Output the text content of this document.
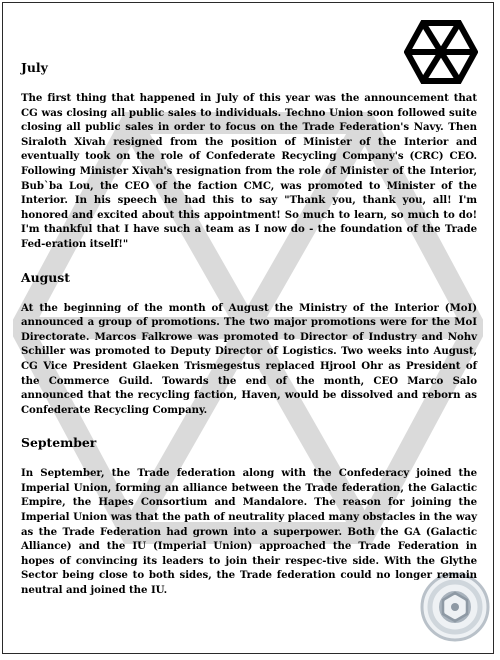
July
The first thing that happened in July of this year was the announcement that CG was closing all public sales to individuals. Techno Union soon followed suite closing all public sales in order to focus on the Trade Federation's Navy. Then Siraloth Xivah resigned from the position of Minister of the Interior and eventually took on the role of Confederate Recycling Company's (CRC) CEO. Following Minister Xivah's resignation from the role of Minister of the Interior, Bub`ba Lou, the CEO of the faction CMC, was promoted to Minister of the Interior. In his speech he had this to say "Thank you, thank you, all! I'm honored and excited about this appointment! So much to learn, so much to do! I'm thankful that I have such a team as I now do - the foundation of the Trade Fed-eration itself!"
August
At the beginning of the month of August the Ministry of the Interior (MoI) announced a group of promotions. The two major promotions were for the MoI Directorate. Marcos Falkrowe was promoted to Director of Industry and Nohv Schiller was promoted to Deputy Director of Logistics. Two weeks into August, CG Vice President Glaeken Trismegestus replaced Hjrool Ohr as President of the Commerce Guild. Towards the end of the month, CEO Marco Salo announced that the recycling faction, Haven, would be dissolved and reborn as Confederate Recycling Company.
September
In September, the Trade federation along with the Confederacy joined the Imperial Union, forming an alliance between the Trade federation, the Galactic Empire, the Hapes Consortium and Mandalore. The reason for joining the Imperial Union was that the path of neutrality placed many obstacles in the way as the Trade Federation had grown into a superpower. Both the GA (Galactic Alliance) and the IU (Imperial Union) approached the Trade Federation in hopes of convincing its leaders to join their respec-tive side. With the Glythe Sector being close to both sides, the Trade federation could no longer remain neutral and joined the IU.
